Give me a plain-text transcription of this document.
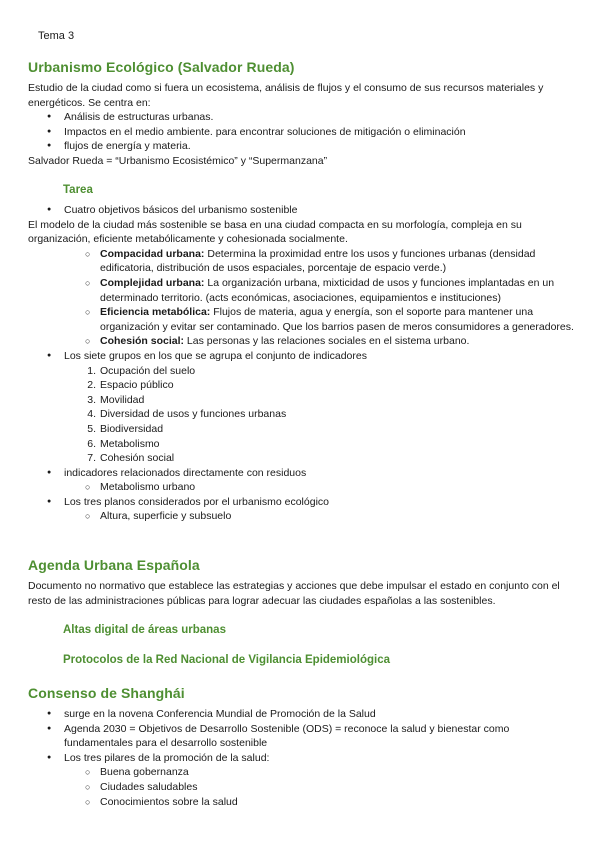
Tema 3
Urbanismo Ecológico (Salvador Rueda)

Estudio de la ciudad como si fuera un ecosistema, análisis de flujos y el consumo de sus recursos materiales y energéticos. Se centra en:

● Análisis de estructuras urbanas.
● Impactos en el medio ambiente. para encontrar soluciones de mitigación o eliminación
● flujos de energía y materia.

Salvador Rueda = “Urbanismo Ecosistémico” y “Supermanzana”

Tarea
● Cuatro objetivos básicos del urbanismo sostenible

El modelo de la ciudad más sostenible se basa en una ciudad compacta en su morfología, compleja en su organización, eficiente metabólicamente y cohesionada socialmente.

○ Compacidad urbana: Determina la proximidad entre los usos y funciones urbanas (densidad edificatoria, distribución de usos espaciales, porcentaje de espacio verde.)
○ Complejidad urbana: La organización urbana, mixticidad de usos y funciones implantadas en un determinado territorio. (acts económicas, asociaciones, equipamientos e instituciones)
○ Eficiencia metabólica: Flujos de materia, agua y energía, son el soporte para mantener una organización y evitar ser contaminado. Que los barrios pasen de meros consumidores a generadores.
○ Cohesión social: Las personas y las relaciones sociales en el sistema urbano.
● Los siete grupos en los que se agrupa el conjunto de indicadores
1. Ocupación del suelo
2. Espacio público
3. Movilidad
4. Diversidad de usos y funciones urbanas
5. Biodiversidad
6. Metabolismo
7. Cohesión social
● indicadores relacionados directamente con residuos
○ Metabolismo urbano
● Los tres planos considerados por el urbanismo ecológico
○ Altura, superficie y subsuelo
Agenda Urbana Española

Documento no normativo que establece las estrategias y acciones que debe impulsar el estado en conjunto con el resto de las administraciones públicas para lograr adecuar las ciudades españolas a las sostenibles.

Altas digital de áreas urbanas
Protocolos de la Red Nacional de Vigilancia Epidemiológica
Consenso de Shanghái
● surge en la novena Conferencia Mundial de Promoción de la Salud
● Agenda 2030 = Objetivos de Desarrollo Sostenible (ODS) = reconoce la salud y bienestar como fundamentales para el desarrollo sostenible
● Los tres pilares de la promoción de la salud:
○ Buena gobernanza
○ Ciudades saludables
○ Conocimientos sobre la salud
